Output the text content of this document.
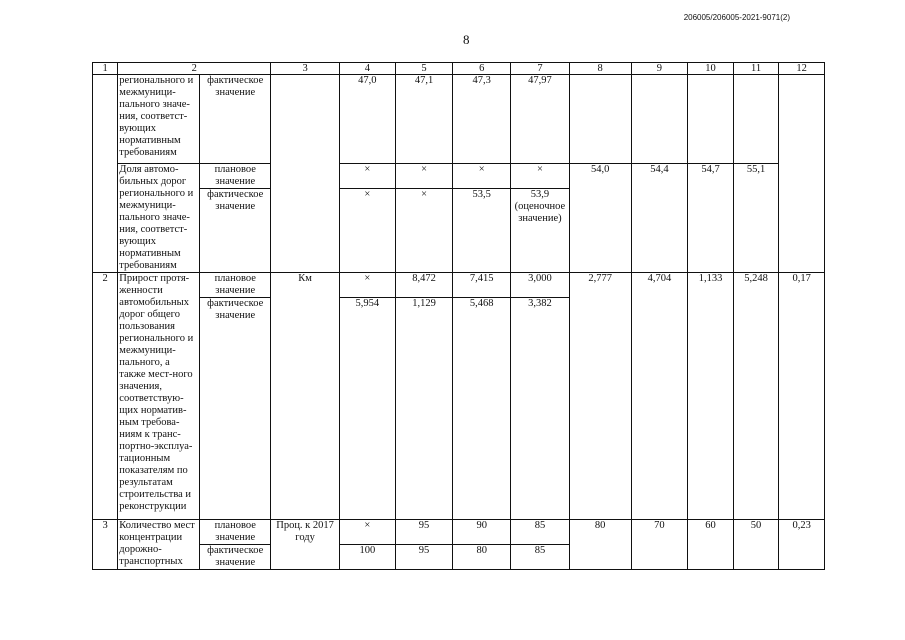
206005/206005-2021-9071(2)
8
1	2		3	4	5	6	7	8	9	10	11	12
	регионального и межмуници-пального значе-ния, соответст-вующих нормативным требованиям	фактическое значение		47,0	47,1	47,3	47,97					
	Доля автомо-бильных дорог регионального и межмуници-пального значе-ния, соответст-вующих нормативным требованиям	плановое значение		×	×	×	×	54,0	54,4	54,7	55,1	
		фактическое значение		×	×	53,5	53,9 (оценочное значение)					
2	Прирост протя-женности автомобильных дорог общего пользования регионального и межмуници-пального, а также мест-ного значения, соответствую-щих норматив-ным требова-ниям к транс-портно-эксплуа-тационным показателям по результатам строительства и реконструкции	плановое значение	Км	×	8,472	7,415	3,000	2,777	4,704	1,133	5,248	0,17
		фактическое значение		5,954	1,129	5,468	3,382					
3	Количество мест концентрации дорожно-транспортных	плановое значение	Проц. к 2017 году	×	95	90	85	80	70	60	50	0,23
		фактическое значение		100	95	80	85					
